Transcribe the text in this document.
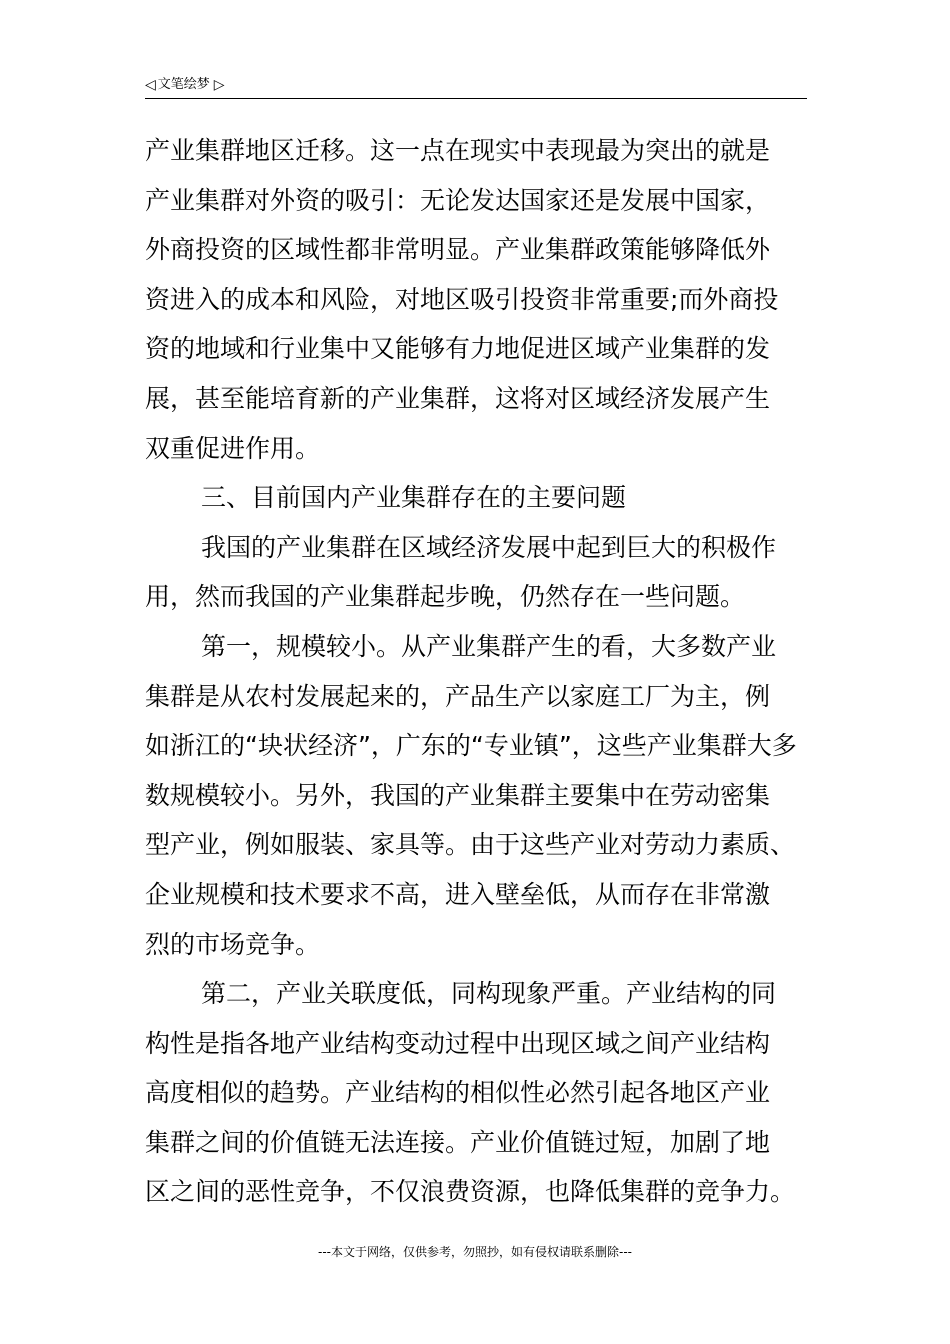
◁ 文笔绘梦 ▷
产业集群地区迁移。这一点在现实中表现最为突出的就是
产业集群对外资的吸引：无论发达国家还是发展中国家，
外商投资的区域性都非常明显。产业集群政策能够降低外
资进入的成本和风险，对地区吸引投资非常重要;而外商投
资的地域和行业集中又能够有力地促进区域产业集群的发
展，甚至能培育新的产业集群，这将对区域经济发展产生
双重促进作用。
三、目前国内产业集群存在的主要问题
我国的产业集群在区域经济发展中起到巨大的积极作
用，然而我国的产业集群起步晚，仍然存在一些问题。
第一，规模较小。从产业集群产生的看，大多数产业
集群是从农村发展起来的，产品生产以家庭工厂为主，例
如浙江的“块状经济”，广东的“专业镇”，这些产业集群大多
数规模较小。另外，我国的产业集群主要集中在劳动密集
型产业，例如服装、家具等。由于这些产业对劳动力素质、
企业规模和技术要求不高，进入壁垒低，从而存在非常激
烈的市场竞争。
第二，产业关联度低，同构现象严重。产业结构的同
构性是指各地产业结构变动过程中出现区域之间产业结构
高度相似的趋势。产业结构的相似性必然引起各地区产业
集群之间的价值链无法连接。产业价值链过短，加剧了地
区之间的恶性竞争，不仅浪费资源，也降低集群的竞争力。
---本文于网络，仅供参考，勿照抄，如有侵权请联系删除---
